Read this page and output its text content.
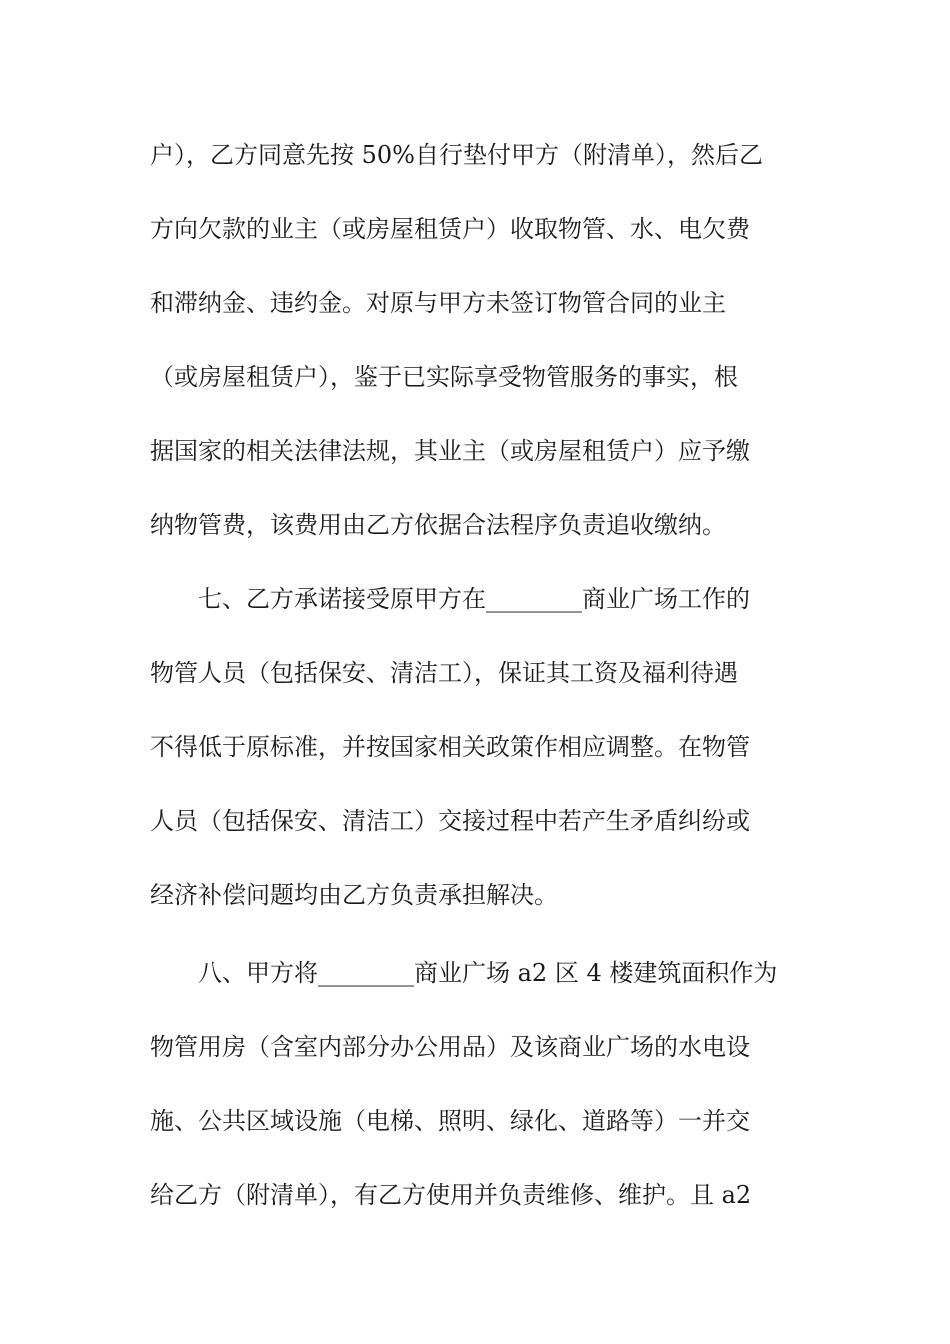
户），乙方同意先按 50%自行垫付甲方（附清单），然后乙
方向欠款的业主（或房屋租赁户）收取物管、水、电欠费
和滞纳金、违约金。对原与甲方未签订物管合同的业主
（或房屋租赁户），鉴于已实际享受物管服务的事实，根
据国家的相关法律法规，其业主（或房屋租赁户）应予缴
纳物管费，该费用由乙方依据合法程序负责追收缴纳。
七、乙方承诺接受原甲方在________商业广场工作的
物管人员（包括保安、清洁工），保证其工资及福利待遇
不得低于原标准，并按国家相关政策作相应调整。在物管
人员（包括保安、清洁工）交接过程中若产生矛盾纠纷或
经济补偿问题均由乙方负责承担解决。
八、甲方将________商业广场 a2 区 4 楼建筑面积作为
物管用房（含室内部分办公用品）及该商业广场的水电设
施、公共区域设施（电梯、照明、绿化、道路等）一并交
给乙方（附清单），有乙方使用并负责维修、维护。且 a2
